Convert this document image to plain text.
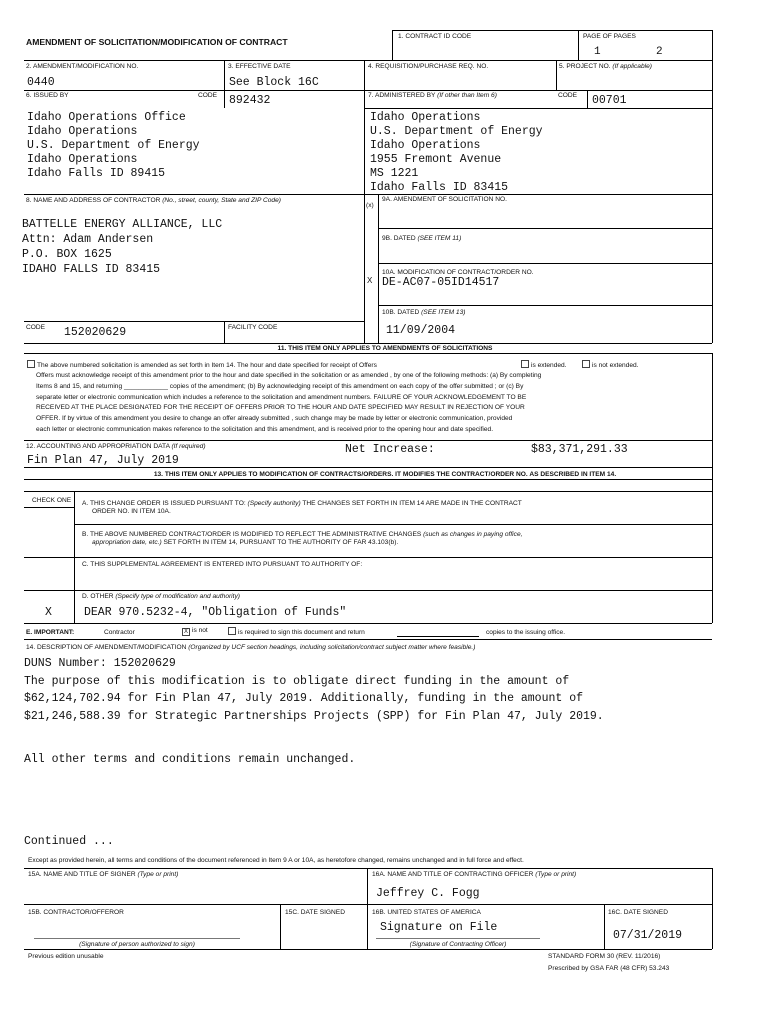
AMENDMENT OF SOLICITATION/MODIFICATION OF CONTRACT
1. CONTRACT ID CODE	PAGE OF PAGES
1	2
2. AMENDMENT/MODIFICATION NO.
0440
3. EFFECTIVE DATE
See Block 16C
4. REQUISITION/PURCHASE REQ. NO.	5. PROJECT NO. (If applicable)
6. ISSUED BY	CODE 892432	7. ADMINISTERED BY (If other than Item 6)	CODE 00701
Idaho Operations Office
Idaho Operations
U.S. Department of Energy
Idaho Operations
Idaho Falls ID 89415
Idaho Operations
U.S. Department of Energy
Idaho Operations
1955 Fremont Avenue
MS 1221
Idaho Falls ID 83415
8. NAME AND ADDRESS OF CONTRACTOR (No., street, county, State and ZIP Code)
BATTELLE ENERGY ALLIANCE, LLC
Attn: Adam Andersen
P.O. BOX 1625
IDAHO FALLS ID 83415
CODE 152020629	FACILITY CODE
(x)
9A. AMENDMENT OF SOLICITATION NO.
9B. DATED (SEE ITEM 11)
X
10A. MODIFICATION OF CONTRACT/ORDER NO.
DE-AC07-05ID14517
10B. DATED (SEE ITEM 13)
11/09/2004
11. THIS ITEM ONLY APPLIES TO AMENDMENTS OF SOLICITATIONS
The above numbered solicitation is amended as set forth in Item 14. The hour and date specified for receipt of Offers	is extended.	is not extended.
Offers must acknowledge receipt of this amendment prior to the hour and date specified in the solicitation or as amended , by one of the following methods: (a) By completing
Items 8 and 15, and returning ____________ copies of the amendment; (b) By acknowledging receipt of this amendment on each copy of the offer submitted ; or (c) By
separate letter or electronic communication which includes a reference to the solicitation and amendment numbers. FAILURE OF YOUR ACKNOWLEDGEMENT TO BE
RECEIVED AT THE PLACE DESIGNATED FOR THE RECEIPT OF OFFERS PRIOR TO THE HOUR AND DATE SPECIFIED MAY RESULT IN REJECTION OF YOUR
OFFER. If by virtue of this amendment you desire to change an offer already submitted , such change may be made by letter or electronic communication, provided
each letter or electronic communication makes reference to the solicitation and this amendment, and is received prior to the opening hour and date specified.
12. ACCOUNTING AND APPROPRIATION DATA (If required)	Net Increase:	$83,371,291.33
Fin Plan 47, July 2019
13. THIS ITEM ONLY APPLIES TO MODIFICATION OF CONTRACTS/ORDERS. IT MODIFIES THE CONTRACT/ORDER NO. AS DESCRIBED IN ITEM 14.
CHECK ONE A. THIS CHANGE ORDER IS ISSUED PURSUANT TO: (Specify authority) THE CHANGES SET FORTH IN ITEM 14 ARE MADE IN THE CONTRACT
ORDER NO. IN ITEM 10A.
B. THE ABOVE NUMBERED CONTRACT/ORDER IS MODIFIED TO REFLECT THE ADMINISTRATIVE CHANGES (such as changes in paying office,
appropriation date, etc.) SET FORTH IN ITEM 14, PURSUANT TO THE AUTHORITY OF FAR 43.103(b).
C. THIS SUPPLEMENTAL AGREEMENT IS ENTERED INTO PURSUANT TO AUTHORITY OF:
D. OTHER (Specify type of modification and authority)
X	DEAR 970.5232-4, "Obligation of Funds"
E. IMPORTANT:	Contractor	X is not	is required to sign this document and return	copies to the issuing office.
14. DESCRIPTION OF AMENDMENT/MODIFICATION (Organized by UCF section headings, including solicitation/contract subject matter where feasible.)
DUNS Number: 152020629
The purpose of this modification is to obligate direct funding in the amount of
$62,124,702.94 for Fin Plan 47, July 2019. Additionally, funding in the amount of
$21,246,588.39 for Strategic Partnerships Projects (SPP) for Fin Plan 47, July 2019.
All other terms and conditions remain unchanged.
Continued ...
Except as provided herein, all terms and conditions of the document referenced in Item 9 A or 10A, as heretofore changed, remains unchanged and in full force and effect.
15A. NAME AND TITLE OF SIGNER (Type or print)	16A. NAME AND TITLE OF CONTRACTING OFFICER (Type or print)
Jeffrey C. Fogg
15B. CONTRACTOR/OFFEROR	15C. DATE SIGNED	16B. UNITED STATES OF AMERICA
Signature on File
16C. DATE SIGNED
07/31/2019
(Signature of person authorized to sign)	(Signature of Contracting Officer)
Previous edition unusable	STANDARD FORM 30 (REV. 11/2016)
Prescribed by GSA FAR (48 CFR) 53.243
